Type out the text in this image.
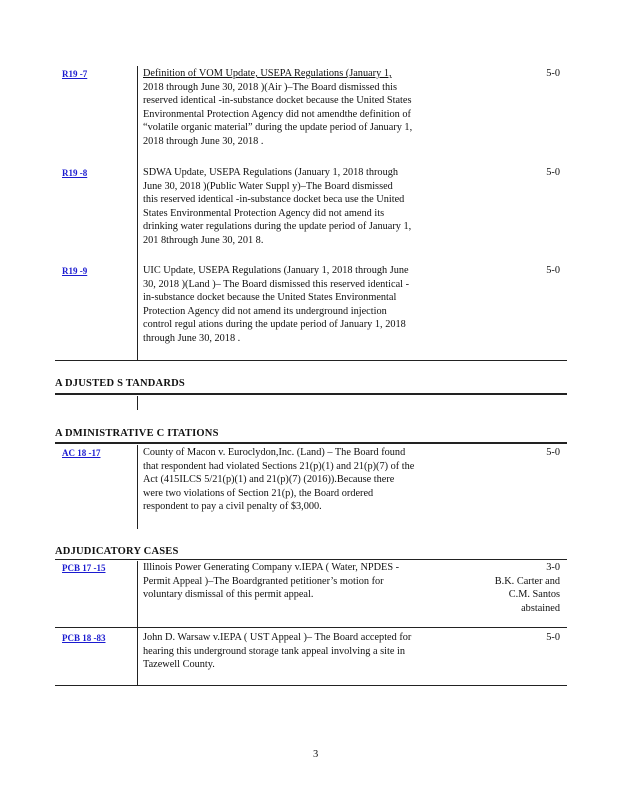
R19 -7	Definition of VOM Update, USEPA Regulations (January 1,
2018 through June 30, 2018 )(Air )–The Board dismissed this
reserved identical -in-substance docket because the United States
Environmental Protection Agency did not amendthe definition of
“volatile organic material” during the update period of January 1,
2018 through June 30, 2018 .
5-0
R19 -8	SDWA Update, USEPA Regulations (January 1, 2018 through
June 30, 2018 )(Public Water Suppl y)–The Board dismissed
this reserved identical -in-substance docket beca use the United
States Environmental Protection Agency did not amend its
drinking water regulations during the update period of January 1,
201 8through June 30, 201 8.
5-0
R19 -9	UIC Update, USEPA Regulations (January 1, 2018 through June
30, 2018 )(Land )– The Board dismissed this reserved identical -
in-substance docket because the United States Environmental
Protection Agency did not amend its underground injection
control regul ations during the update period of January 1, 2018
through June 30, 2018 .
5-0
A DJUSTED S TANDARDS
A DMINISTRATIVE C ITATIONS
AC 18 -17	County of Macon v. Euroclydon,Inc. (Land) – The Board found
that respondent had violated Sections 21(p)(1) and 21(p)(7) of the
Act (415ILCS 5/21(p)(1) and 21(p)(7) (2016)).Because there
were two violations of Section 21(p), the Board ordered
respondent to pay a civil penalty of $3,000.
5-0
ADJUDICATORY CASES
PCB 17 -15	Illinois Power Generating Company v.IEPA ( Water, NPDES -
Permit Appeal )–The Boardgranted petitioner’s motion for
voluntary dismissal of this permit appeal.
3-0
B.K. Carter and
C.M. Santos
abstained
PCB 18 -83	John D. Warsaw v.IEPA ( UST Appeal )– The Board accepted for
hearing this underground storage tank appeal involving a site in
Tazewell County.
5-0
3
